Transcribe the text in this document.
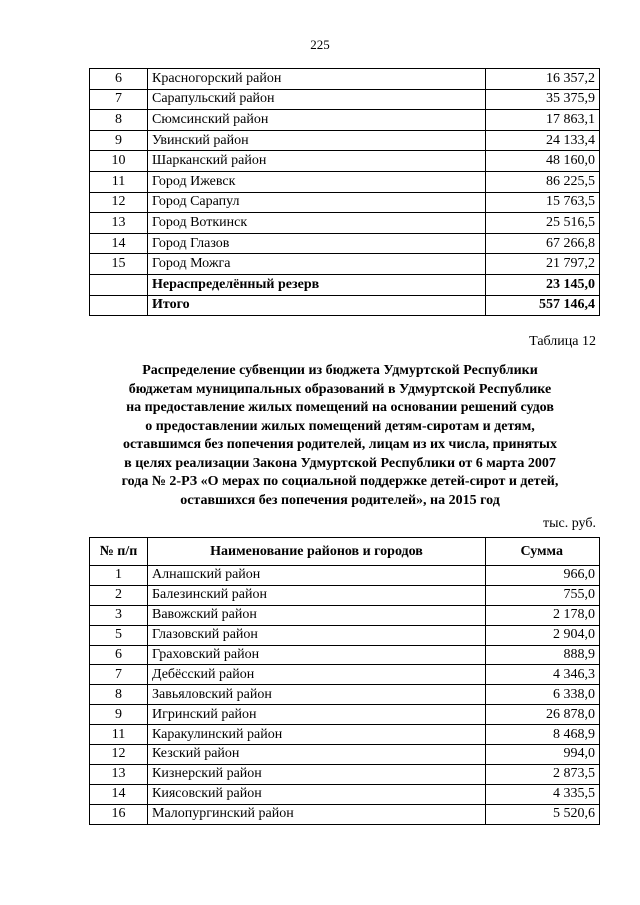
225
6	Красногорский район	16 357,2
7	Сарапульский район	35 375,9
8	Сюмсинский район	17 863,1
9	Увинский район	24 133,4
10	Шарканский район	48 160,0
11	Город Ижевск	86 225,5
12	Город Сарапул	15 763,5
13	Город Воткинск	25 516,5
14	Город Глазов	67 266,8
15	Город Можга	21 797,2
	Нераспределённый резерв	23 145,0
	Итого	557 146,4
Таблица 12
Распределение субвенции из бюджета Удмуртской Республики
бюджетам муниципальных образований в Удмуртской Республике
на предоставление жилых помещений на основании решений судов
о предоставлении жилых помещений детям-сиротам и детям,
оставшимся без попечения родителей, лицам из их числа, принятых
в целях реализации Закона Удмуртской Республики от 6 марта 2007
года № 2-РЗ «О мерах по социальной поддержке детей-сирот и детей,
оставшихся без попечения родителей», на 2015 год
тыс. руб.
№ п/п	Наименование районов и городов	Сумма
1	Алнашский район	966,0
2	Балезинский район	755,0
3	Вавожский район	2 178,0
5	Глазовский район	2 904,0
6	Граховский район	888,9
7	Дебёсский район	4 346,3
8	Завьяловский район	6 338,0
9	Игринский район	26 878,0
11	Каракулинский район	8 468,9
12	Кезский район	994,0
13	Кизнерский район	2 873,5
14	Киясовский район	4 335,5
16	Малопургинский район	5 520,6
